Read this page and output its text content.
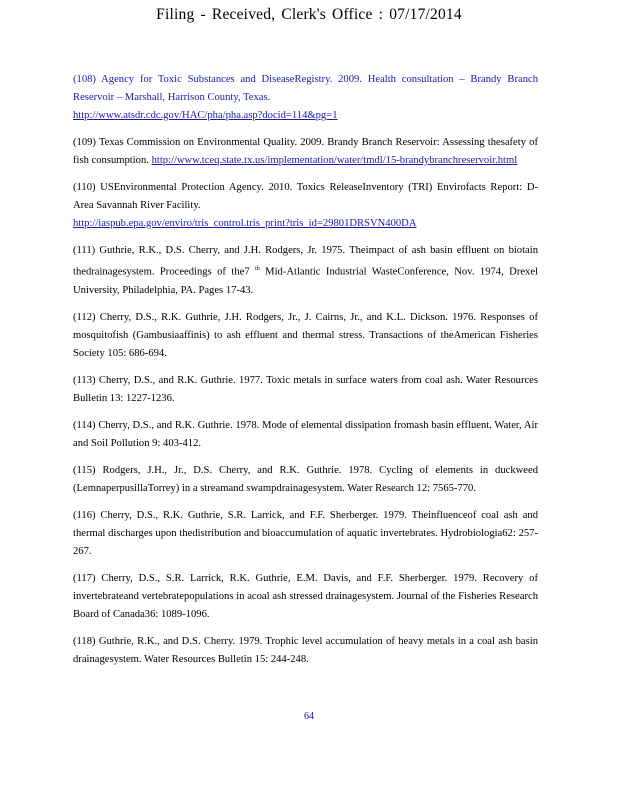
Filing - Received, Clerk's Office : 07/17/2014

(108) Agency for Toxic Substances and DiseaseRegistry. 2009. Health consultation – Brandy Branch Reservoir – Marshall, Harrison County, Texas.
http://www.atsdr.cdc.gov/HAC/pha/pha.asp?docid=114&pg=1

(109) Texas Commission on Environmental Quality. 2009. Brandy Branch Reservoir: Assessing thesafety of fish consumption. http://www.tceq.state.tx.us/implementation/water/tmdl/15-brandybranchreservoir.html

(110) USEnvironmental Protection Agency. 2010. Toxics ReleaseInventory (TRI) Envirofacts Report: D-Area Savannah River Facility.
http://iaspub.epa.gov/enviro/tris_control.tris_print?tris_id=29801DRSVN400DA

(111) Guthrie, R.K., D.S. Cherry, and J.H. Rodgers, Jr. 1975. Theimpact of ash basin effluent on biotain thedrainagesystem. Proceedings of the7 $^{th}$ Mid-Atlantic Industrial WasteConference, Nov. 1974, Drexel University, Philadelphia, PA. Pages 17-43.

(112) Cherry, D.S., R.K. Guthrie, J.H. Rodgers, Jr., J. Cairns, Jr., and K.L. Dickson. 1976. Responses of mosquitofish (Gambusiaaffinis) to ash effluent and thermal stress. Transactions of theAmerican Fisheries Society 105: 686-694.

(113) Cherry, D.S., and R.K. Guthrie. 1977. Toxic metals in surface waters from coal ash. Water Resources Bulletin 13: 1227-1236.

(114) Cherry, D.S., and R.K. Guthrie. 1978. Mode of elemental dissipation fromash basin effluent. Water, Air and Soil Pollution 9: 403-412.

(115) Rodgers, J.H., Jr., D.S. Cherry, and R.K. Guthrie. 1978. Cycling of elements in duckweed (LemnaperpusillaTorrey) in a streamand swampdrainagesystem. Water Research 12: 7565-770.

(116) Cherry, D.S., R.K. Guthrie, S.R. Larrick, and F.F. Sherberger. 1979. Theinfluenceof coal ash and thermal discharges upon thedistribution and bioaccumulation of aquatic invertebrates. Hydrobiologia62: 257-267.

(117) Cherry, D.S., S.R. Larrick, R.K. Guthrie, E.M. Davis, and F.F. Sherberger. 1979. Recovery of invertebrateand vertebratepopulations in acoal ash stressed drainagesystem. Journal of the Fisheries Research Board of Canada36: 1089-1096.

(118) Guthrie, R.K., and D.S. Cherry. 1979. Trophic level accumulation of heavy metals in a coal ash basin drainagesystem. Water Resources Bulletin 15: 244-248.

64
